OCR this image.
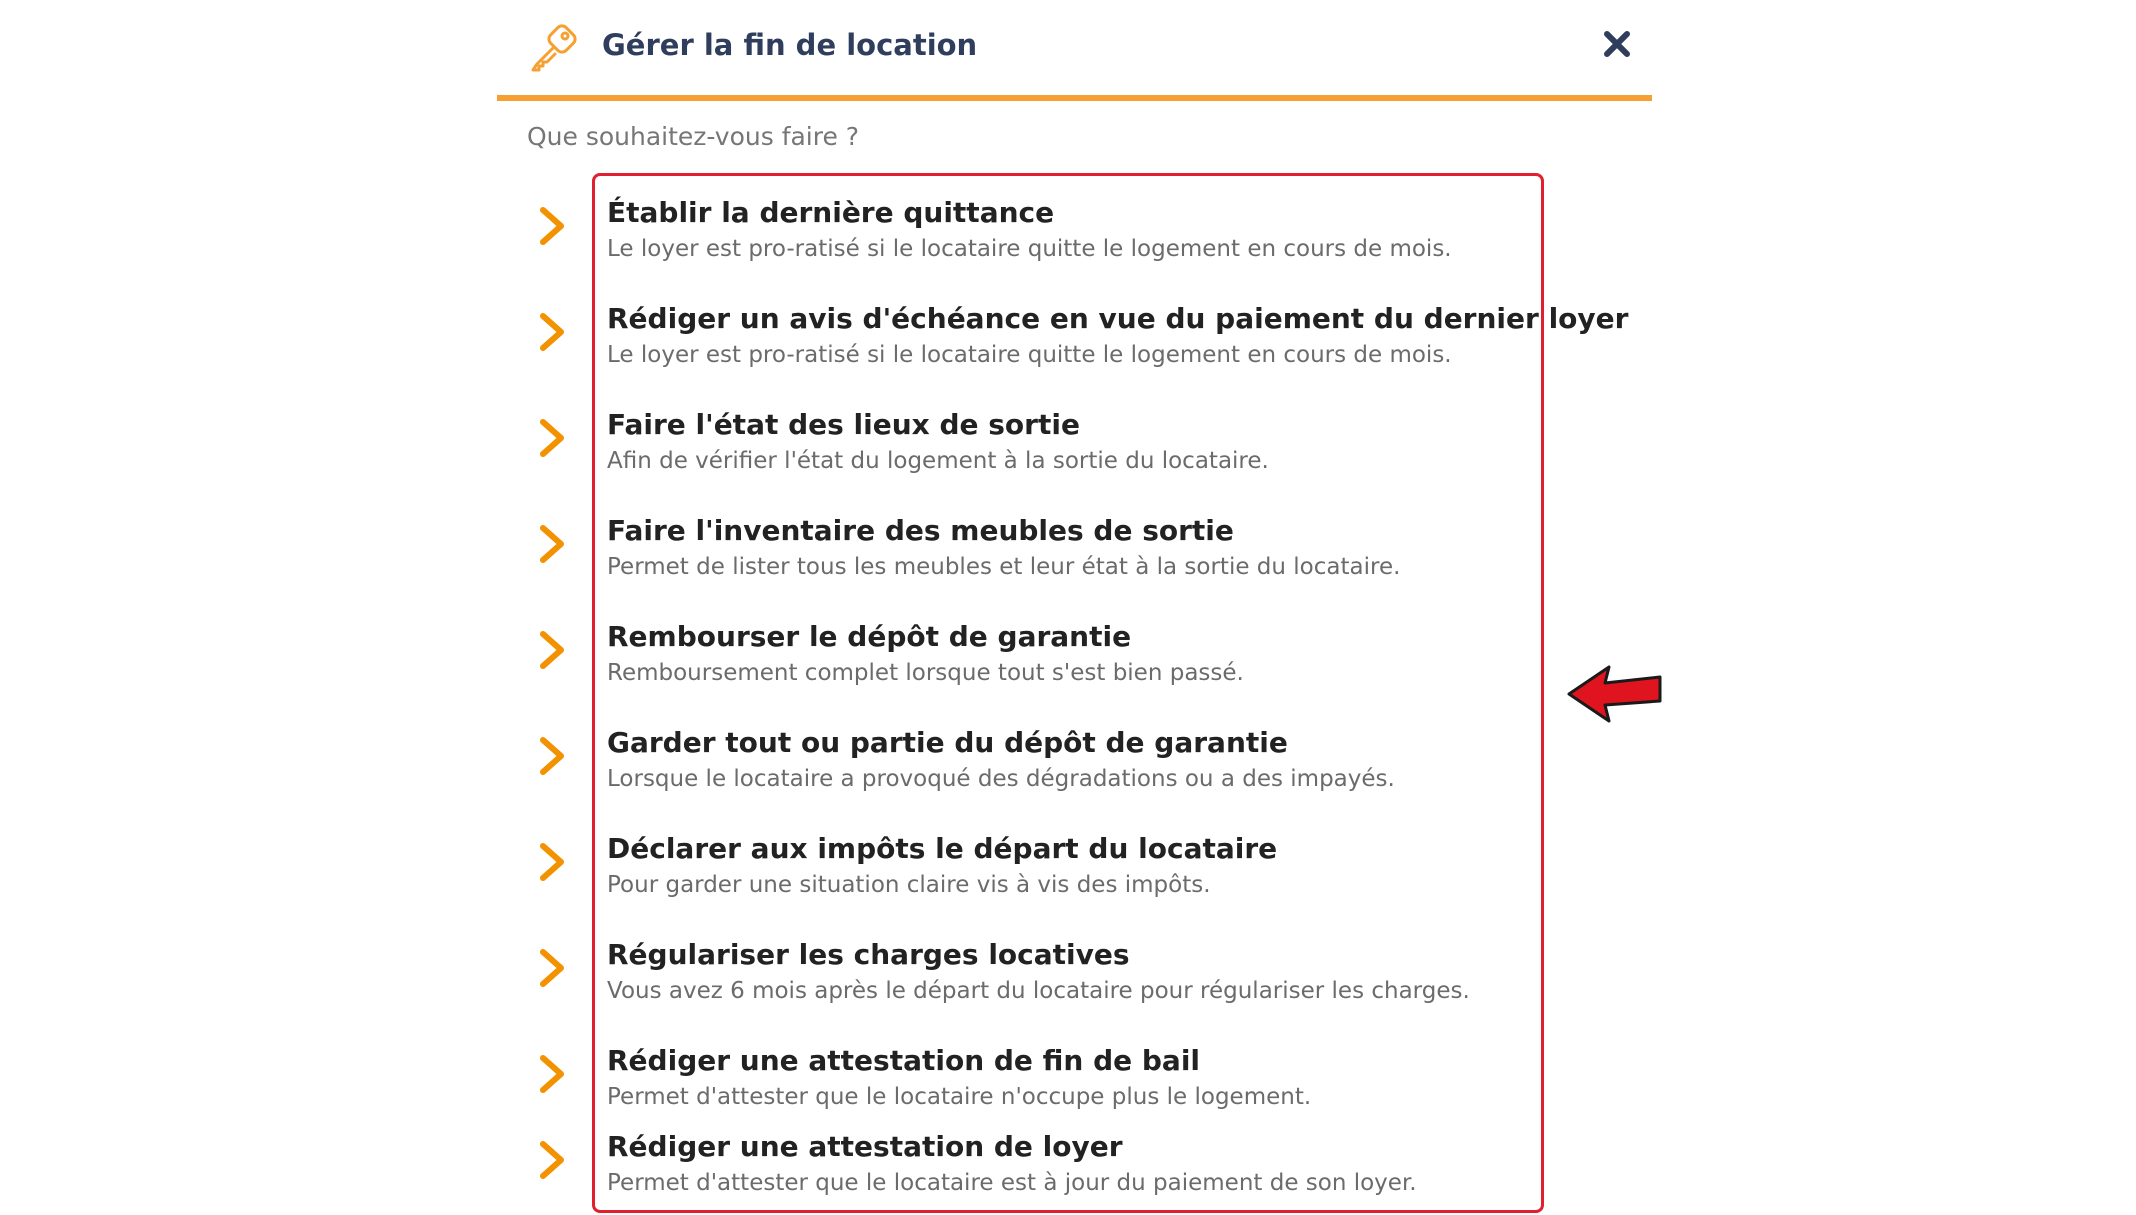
Gérer la fin de location
Que souhaitez-vous faire ?
Établir la dernière quittance
Le loyer est pro-ratisé si le locataire quitte le logement en cours de mois.
Rédiger un avis d'échéance en vue du paiement du dernier loyer
Le loyer est pro-ratisé si le locataire quitte le logement en cours de mois.
Faire l'état des lieux de sortie
Afin de vérifier l'état du logement à la sortie du locataire.
Faire l'inventaire des meubles de sortie
Permet de lister tous les meubles et leur état à la sortie du locataire.
Rembourser le dépôt de garantie
Remboursement complet lorsque tout s'est bien passé.
Garder tout ou partie du dépôt de garantie
Lorsque le locataire a provoqué des dégradations ou a des impayés.
Déclarer aux impôts le départ du locataire
Pour garder une situation claire vis à vis des impôts.
Régulariser les charges locatives
Vous avez 6 mois après le départ du locataire pour régulariser les charges.
Rédiger une attestation de fin de bail
Permet d'attester que le locataire n'occupe plus le logement.
Rédiger une attestation de loyer
Permet d'attester que le locataire est à jour du paiement de son loyer.
